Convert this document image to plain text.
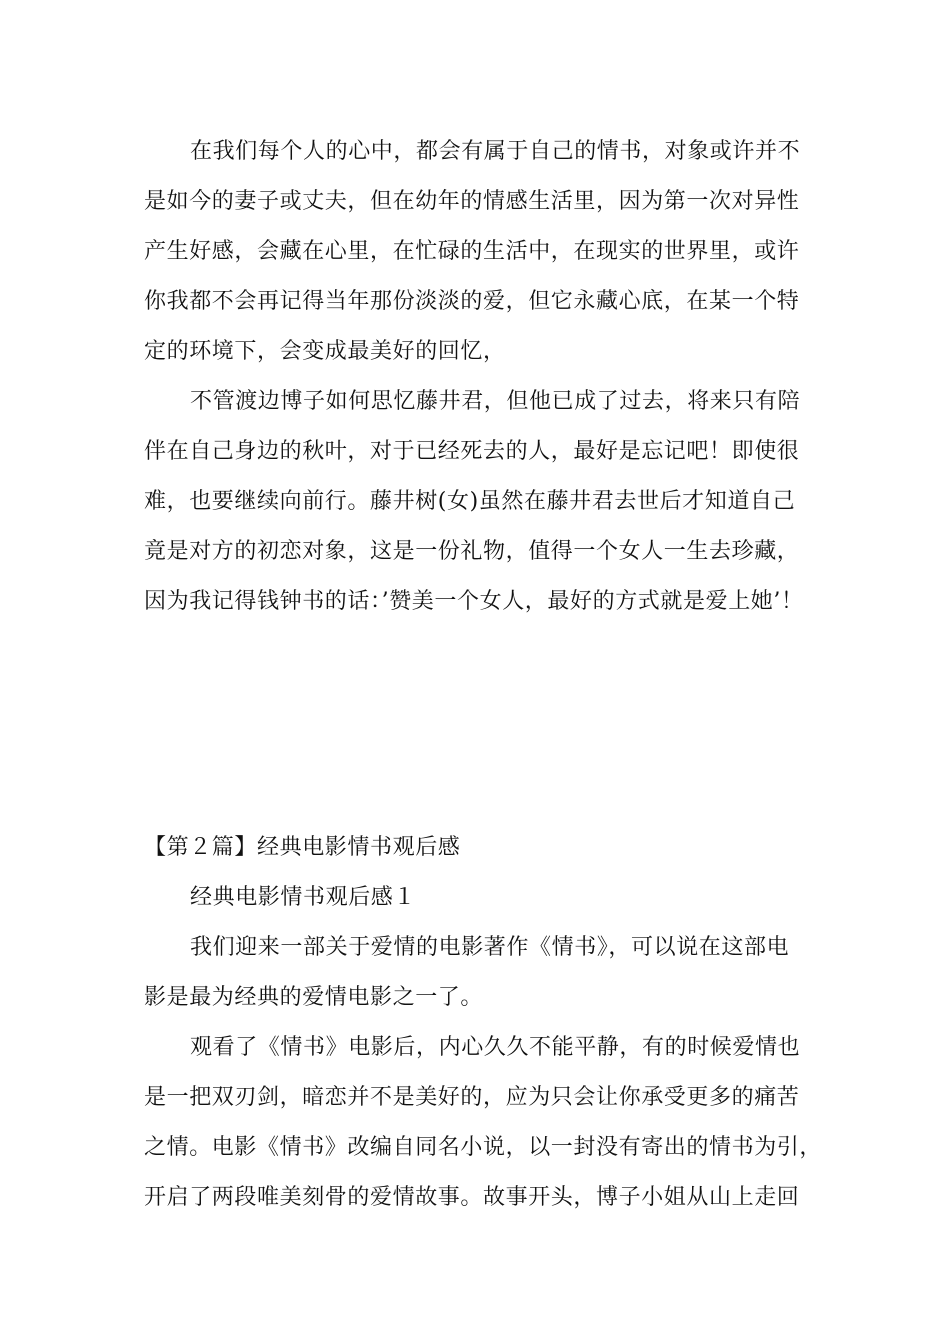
在我们每个人的心中，都会有属于自己的情书，对象或许并不
是如今的妻子或丈夫，但在幼年的情感生活里，因为第一次对异性
产生好感，会藏在心里，在忙碌的生活中，在现实的世界里，或许
你我都不会再记得当年那份淡淡的爱，但它永藏心底，在某一个特
定的环境下，会变成最美好的回忆，
不管渡边博子如何思忆藤井君，但他已成了过去，将来只有陪
伴在自己身边的秋叶，对于已经死去的人，最好是忘记吧！即使很
难，也要继续向前行。藤井树(女)虽然在藤井君去世后才知道自己
竟是对方的初恋对象，这是一份礼物，值得一个女人一生去珍藏，
因为我记得钱钟书的话：’赞美一个女人，最好的方式就是爱上她’！
【第２篇】经典电影情书观后感
经典电影情书观后感１
我们迎来一部关于爱情的电影著作《情书》，可以说在这部电
影是最为经典的爱情电影之一了。
观看了《情书》电影后，内心久久不能平静，有的时候爱情也
是一把双刃剑，暗恋并不是美好的，应为只会让你承受更多的痛苦
之情。电影《情书》改编自同名小说，以一封没有寄出的情书为引，
开启了两段唯美刻骨的爱情故事。故事开头，博子小姐从山上走回
